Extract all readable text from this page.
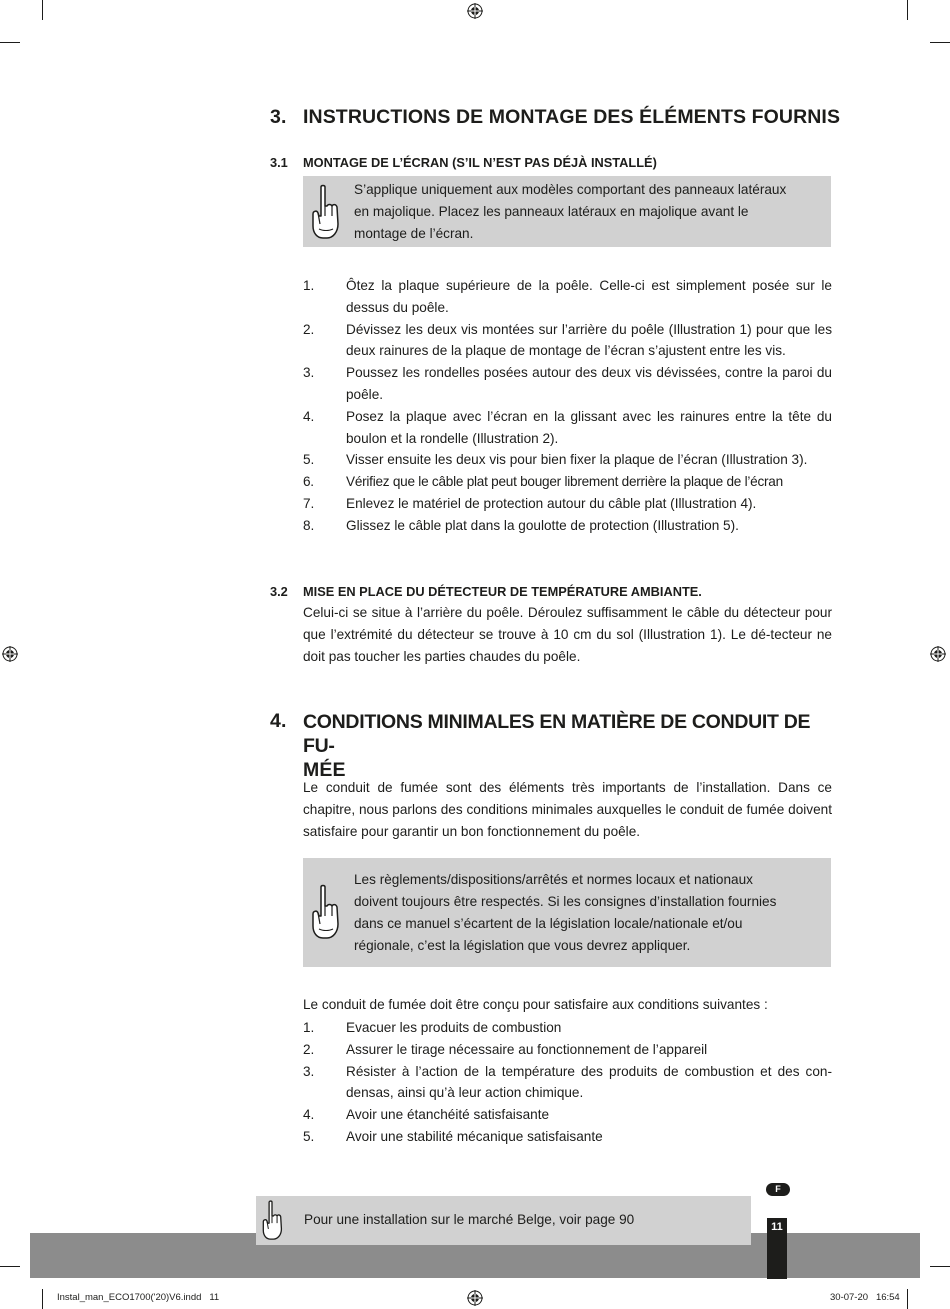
3. INSTRUCTIONS DE MONTAGE DES ÉLÉMENTS FOURNIS
3.1 MONTAGE DE L’ÉCRAN (S’IL N’EST PAS DÉJÀ INSTALLÉ)
S’applique uniquement aux modèles comportant des panneaux latéraux
en majolique. Placez les panneaux latéraux en majolique avant le
montage de l’écran.
1. Ôtez la plaque supérieure de la poêle. Celle-ci est simplement posée sur le dessus du poêle.
2. Dévissez les deux vis montées sur l’arrière du poêle (Illustration 1) pour que les deux rainures de la plaque de montage de l’écran s’ajustent entre les vis.
3. Poussez les rondelles posées autour des deux vis dévissées, contre la paroi du poêle.
4. Posez la plaque avec l’écran en la glissant avec les rainures entre la tête du boulon et la rondelle (Illustration 2).
5. Visser ensuite les deux vis pour bien fixer la plaque de l’écran (Illustration 3).
6. Vérifiez que le câble plat peut bouger librement derrière la plaque de l’écran
7. Enlevez le matériel de protection autour du câble plat (Illustration 4).
8. Glissez le câble plat dans la goulotte de protection (Illustration 5).
3.2 MISE EN PLACE DU DÉTECTEUR DE TEMPÉRATURE AMBIANTE.
Celui-ci se situe à l’arrière du poêle. Déroulez suffisamment le câble du détecteur pour que l’extrémité du détecteur se trouve à 10 cm du sol (Illustration 1). Le dé-tecteur ne doit pas toucher les parties chaudes du poêle.
4. CONDITIONS MINIMALES EN MATIÈRE DE CONDUIT DE FU-
MÉE
Le conduit de fumée sont des éléments très importants de l’installation. Dans ce chapitre, nous parlons des conditions minimales auxquelles le conduit de fumée doivent satisfaire pour garantir un bon fonctionnement du poêle.
Les règlements/dispositions/arrêtés et normes locaux et nationaux
doivent toujours être respectés. Si les consignes d’installation fournies
dans ce manuel s’écartent de la législation locale/nationale et/ou
régionale, c’est la législation que vous devrez appliquer.
Le conduit de fumée doit être conçu pour satisfaire aux conditions suivantes :
1. Evacuer les produits de combustion
2. Assurer le tirage nécessaire au fonctionnement de l’appareil
3. Résister à l’action de la température des produits de combustion et des con-densas, ainsi qu’à leur action chimique.
4. Avoir une étanchéité satisfaisante
5. Avoir une stabilité mécanique satisfaisante
Pour une installation sur le marché Belge, voir page 90
F
11
Instal_man_ECO1700('20)V6.indd   11	30-07-20   16:54
